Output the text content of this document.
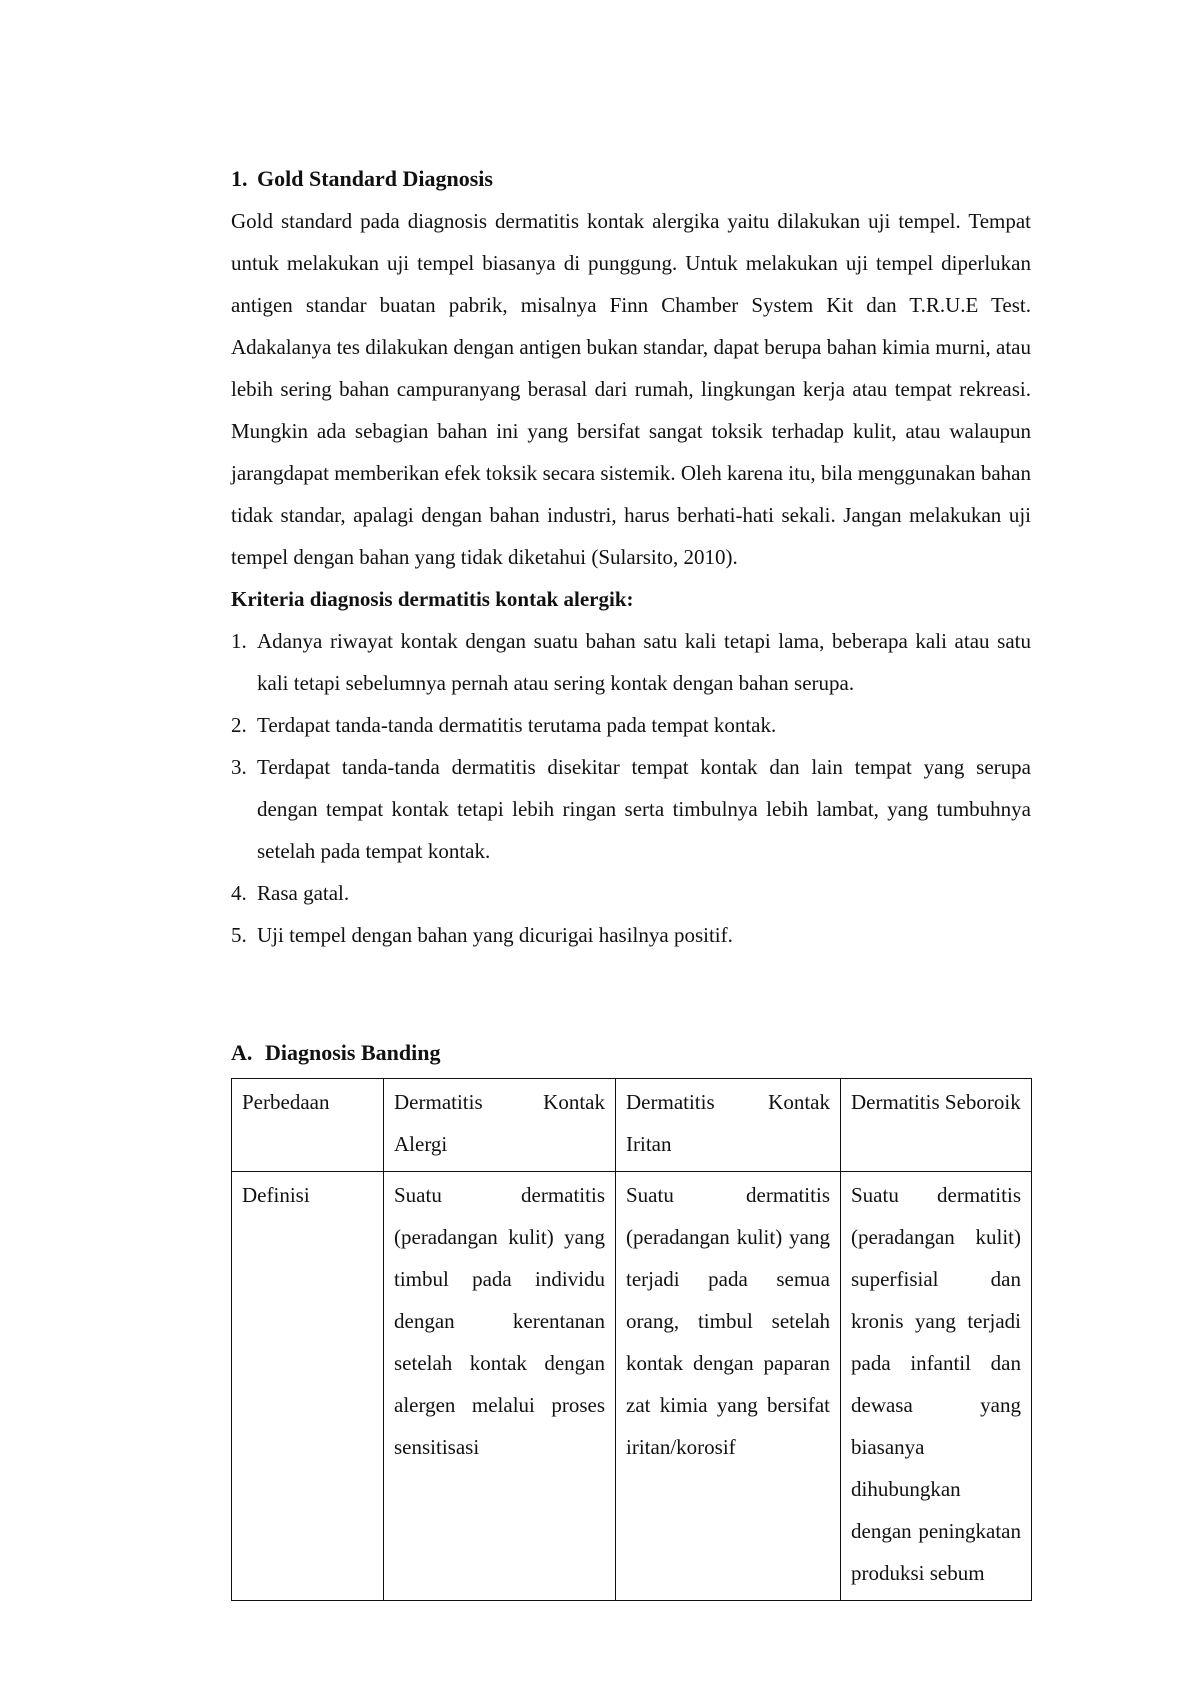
1. Gold Standard Diagnosis

Gold standard pada diagnosis dermatitis kontak alergika yaitu dilakukan uji tempel. Tempat untuk melakukan uji tempel biasanya di punggung. Untuk melakukan uji tempel diperlukan antigen standar buatan pabrik, misalnya Finn Chamber System Kit dan T.R.U.E Test. Adakalanya tes dilakukan dengan antigen bukan standar, dapat berupa bahan kimia murni, atau lebih sering bahan campuranyang berasal dari rumah, lingkungan kerja atau tempat rekreasi. Mungkin ada sebagian bahan ini yang bersifat sangat toksik terhadap kulit, atau walaupun jarangdapat memberikan efek toksik secara sistemik. Oleh karena itu, bila menggunakan bahan tidak standar, apalagi dengan bahan industri, harus berhati-hati sekali. Jangan melakukan uji tempel dengan bahan yang tidak diketahui (Sularsito, 2010).

Kriteria diagnosis dermatitis kontak alergik:

1. Adanya riwayat kontak dengan suatu bahan satu kali tetapi lama, beberapa kali atau satu kali tetapi sebelumnya pernah atau sering kontak dengan bahan serupa.
2. Terdapat tanda-tanda dermatitis terutama pada tempat kontak.
3. Terdapat tanda-tanda dermatitis disekitar tempat kontak dan lain tempat yang serupa dengan tempat kontak tetapi lebih ringan serta timbulnya lebih lambat, yang tumbuhnya setelah pada tempat kontak.
4. Rasa gatal.
5. Uji tempel dengan bahan yang dicurigai hasilnya positif.
A. Diagnosis Banding
Perbedaan	Dermatitis Kontak Alergi	Dermatitis Kontak Iritan	Dermatitis Seboroik
Definisi	Suatu dermatitis (peradangan kulit) yang timbul pada individu dengan kerentanan setelah kontak dengan alergen melalui proses sensitisasi	Suatu dermatitis (peradangan kulit) yang terjadi pada semua orang, timbul setelah kontak dengan paparan zat kimia yang bersifat iritan/korosif	Suatu dermatitis (peradangan kulit) superfisial dan kronis yang terjadi pada infantil dan dewasa yang biasanya dihubungkan dengan peningkatan produksi sebum
